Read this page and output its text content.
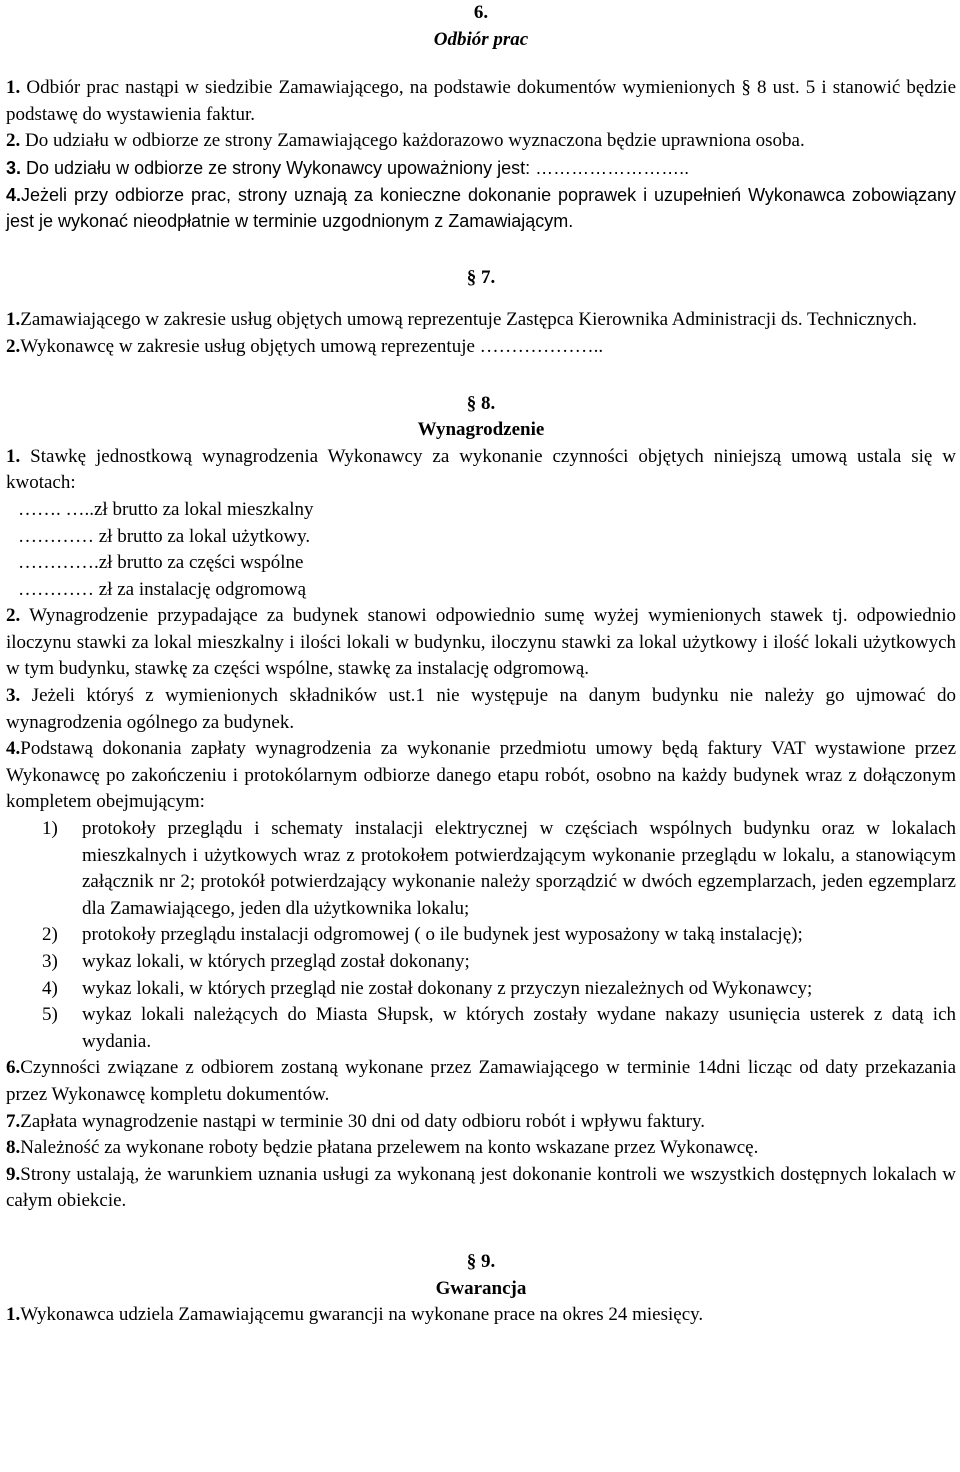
6.

Odbiór prac

1. Odbiór prac nastąpi w siedzibie Zamawiającego, na podstawie dokumentów wymienionych § 8 ust. 5 i stanowić będzie podstawę do wystawienia faktur.

2. Do udziału w odbiorze ze strony Zamawiającego każdorazowo wyznaczona będzie uprawniona osoba.

3. Do udziału w odbiorze ze strony Wykonawcy upoważniony jest: ……………………..

4.Jeżeli przy odbiorze prac, strony uznają za konieczne dokonanie poprawek i uzupełnień Wykonawca zobowiązany jest je wykonać nieodpłatnie w terminie uzgodnionym z Zamawiającym.

§ 7.

1.Zamawiającego w zakresie usług objętych umową reprezentuje Zastępca Kierownika Administracji ds. Technicznych.

2.Wykonawcę w zakresie usług objętych umową reprezentuje ………………..

§ 8.

Wynagrodzenie

1. Stawkę jednostkową wynagrodzenia Wykonawcy za wykonanie czynności objętych niniejszą umową ustala się w kwotach:

……. …..zł brutto za lokal mieszkalny

………… zł brutto za lokal użytkowy.

………….zł brutto za części wspólne

………… zł za instalację odgromową

2. Wynagrodzenie przypadające za budynek stanowi odpowiednio sumę wyżej wymienionych stawek tj. odpowiednio iloczynu stawki za lokal mieszkalny i ilości lokali w budynku, iloczynu stawki za lokal użytkowy i ilość lokali użytkowych w tym budynku, stawkę za części wspólne, stawkę za instalację odgromową.

3. Jeżeli któryś z wymienionych składników ust.1 nie występuje na danym budynku nie należy go ujmować do wynagrodzenia ogólnego za budynek.

4.Podstawą dokonania zapłaty wynagrodzenia za wykonanie przedmiotu umowy będą faktury VAT wystawione przez Wykonawcę po zakończeniu i protokólarnym odbiorze danego etapu robót, osobno na każdy budynek wraz z dołączonym kompletem obejmującym:

1)	protokoły przeglądu i schematy instalacji elektrycznej w częściach wspólnych budynku oraz w lokalach mieszkalnych i użytkowych wraz z protokołem potwierdzającym wykonanie przeglądu w lokalu, a stanowiącym załącznik nr 2; protokół potwierdzający wykonanie należy sporządzić w dwóch egzemplarzach, jeden egzemplarz dla Zamawiającego, jeden dla użytkownika lokalu;
2)	protokoły przeglądu instalacji odgromowej ( o ile budynek jest wyposażony w taką instalację);
3)	wykaz lokali, w których przegląd został dokonany;
4)	wykaz lokali, w których przegląd nie został dokonany z przyczyn niezależnych od Wykonawcy;
5)	wykaz lokali należących do Miasta Słupsk, w których zostały wydane nakazy usunięcia usterek z datą ich wydania.

6.Czynności związane z odbiorem zostaną wykonane przez Zamawiającego w terminie 14dni licząc od daty przekazania przez Wykonawcę kompletu dokumentów.

7.Zapłata wynagrodzenie nastąpi w terminie 30 dni od daty odbioru robót i wpływu faktury.

8.Należność za wykonane roboty będzie płatana przelewem na konto wskazane przez Wykonawcę.

9.Strony ustalają, że warunkiem uznania usługi za wykonaną jest dokonanie kontroli we wszystkich dostępnych lokalach w całym obiekcie.

§ 9.

Gwarancja

1.Wykonawca udziela Zamawiającemu gwarancji na wykonane prace na okres 24 miesięcy.
